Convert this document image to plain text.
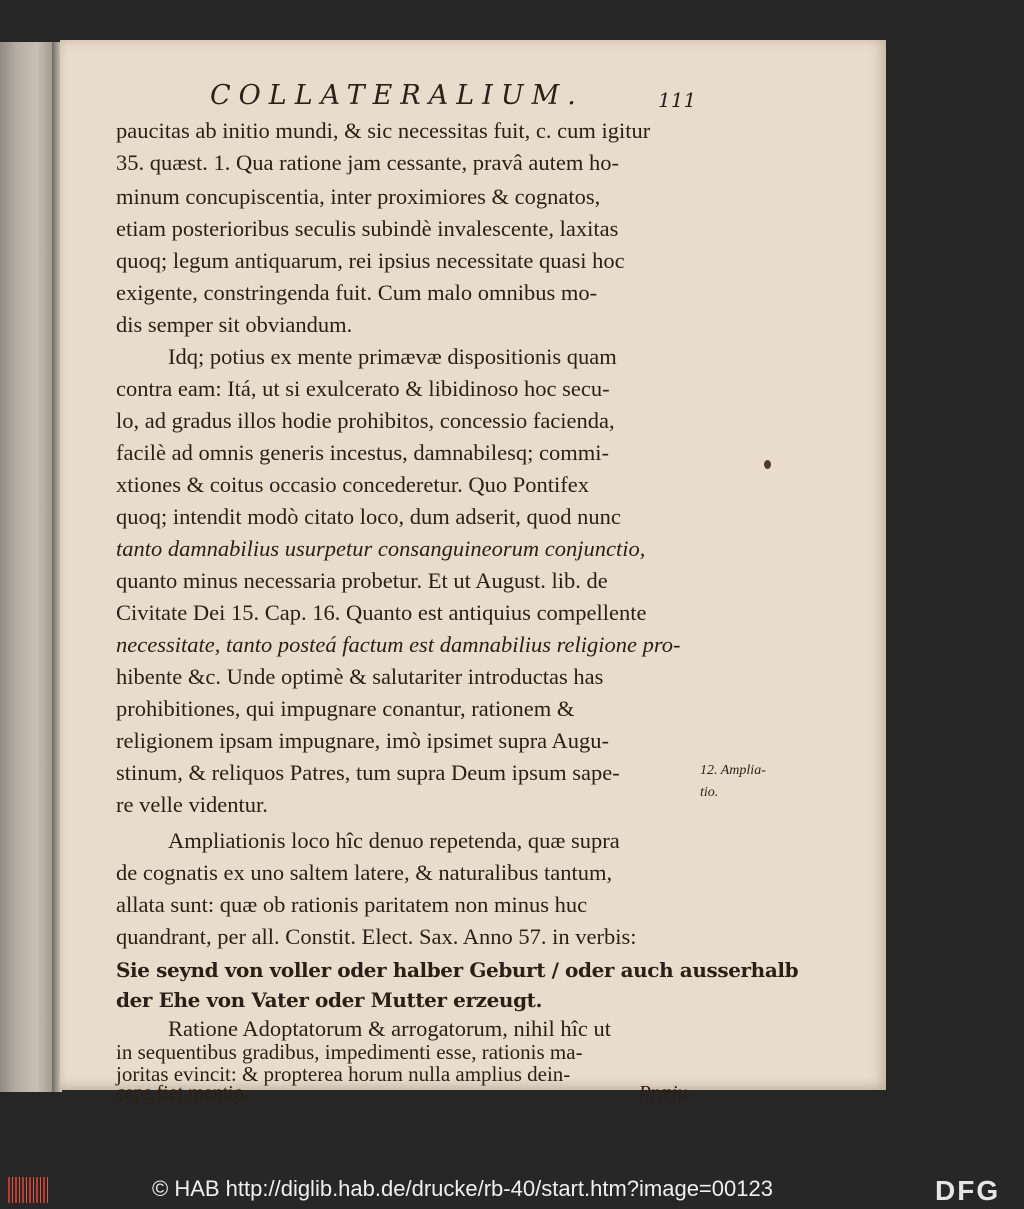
COLLATERALIUM.	111
paucitas ab initio mundi, & sic necessitas fuit, c. cum igitur
35. quæst. 1. Qua ratione jam cessante, pravâ autem ho-
minum concupiscentia, inter proximiores & cognatos,
etiam posterioribus seculis subindè invalescente, laxitas
quoq; legum antiquarum, rei ipsius necessitate quasi hoc
exigente, constringenda fuit. Cum malo omnibus mo-
dis semper sit obviandum.
Idq; potius ex mente primævæ dispositionis quam
contra eam: Itá, ut si exulcerato & libidinoso hoc secu-
lo, ad gradus illos hodie prohibitos, concessio facienda,
facilè ad omnis generis incestus, damnabilesq; commi-
xtiones & coitus occasio concederetur. Quo Pontifex
quoq; intendit modò citato loco, dum adserit, quod nunc
tanto damnabilius usurpetur consanguineorum conjunctio,
quanto minus necessaria probetur. Et ut August. lib. de
Civitate Dei 15. Cap. 16. Quanto est antiquius compellente
necessitate, tanto posteá factum est damnabilius religione pro-
hibente &c. Unde optimè & salutariter introductas has
prohibitiones, qui impugnare conantur, rationem &
religionem ipsam impugnare, imò ipsimet supra Augu-
stinum, & reliquos Patres, tum supra Deum ipsum sape-
re velle videntur.
Ampliationis loco hîc denuo repetenda, quæ supra
de cognatis ex uno saltem latere, & naturalibus tantum,
allata sunt: quæ ob rationis paritatem non minus huc
quandrant, per all. Constit. Elect. Sax. Anno 57. in verbis:
Sie seynd von voller oder halber Geburt / oder auch ausserhalb
der Ehe von Vater oder Mutter erzeugt.
Ratione Adoptatorum & arrogatorum, nihil hîc ut
in sequentibus gradibus, impedimenti esse, rationis ma-
joritas evincit: & propterea horum nulla amplius dein-
ceps fiet mentio.	Præju-
12. Amplia-
tio.
© HAB http://diglib.hab.de/drucke/rb-40/start.htm?image=00123	DFG
